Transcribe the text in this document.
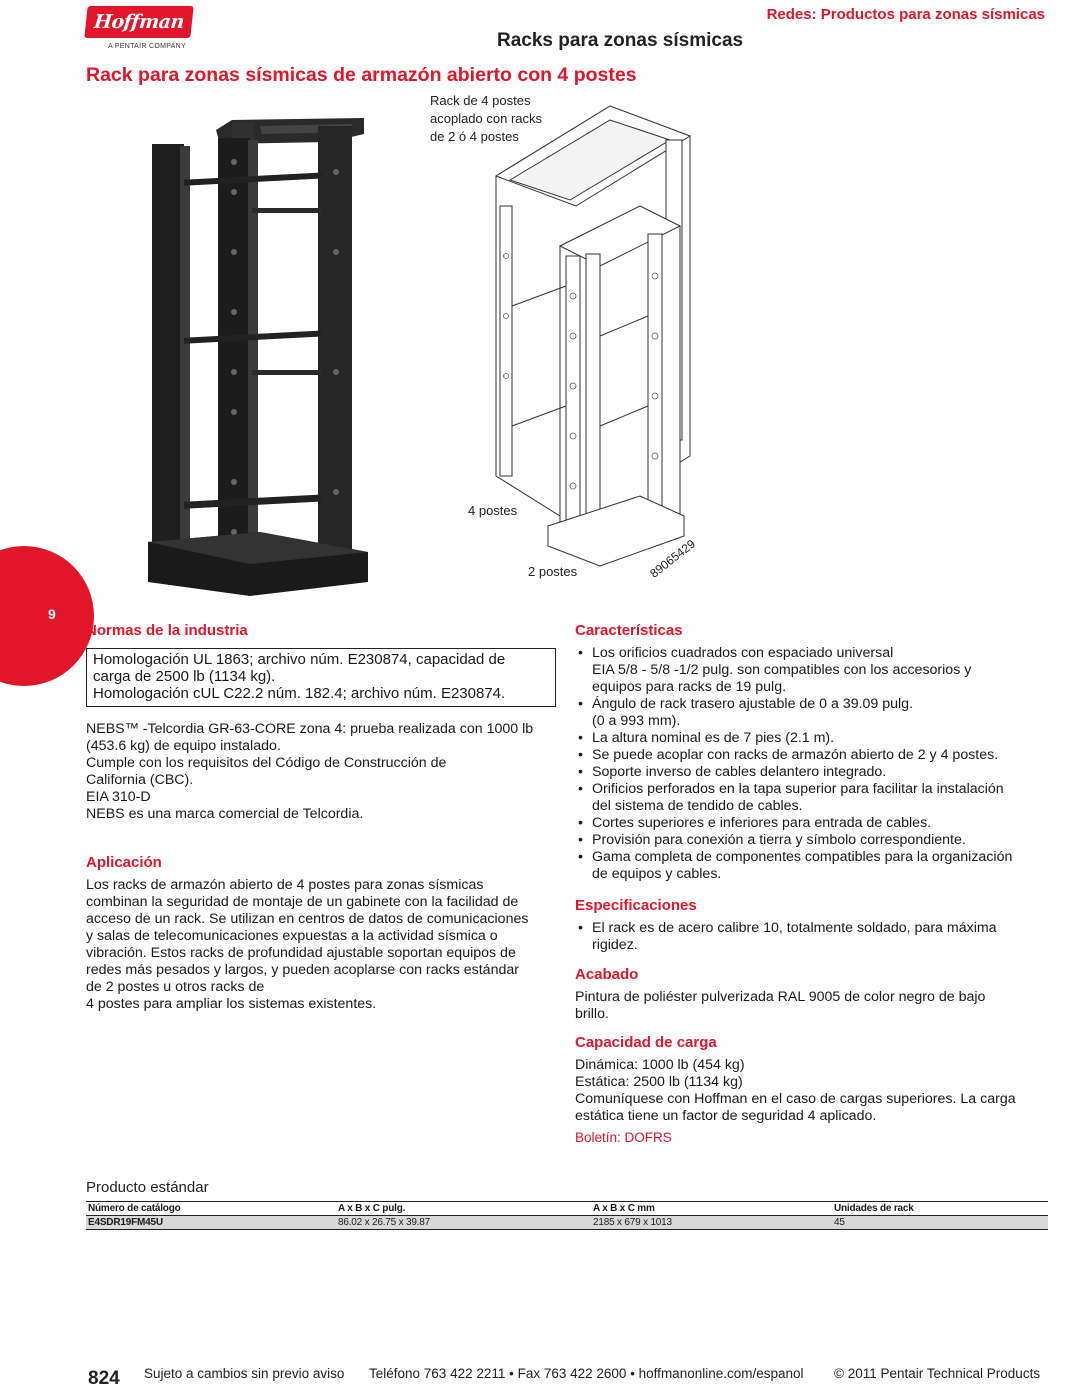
Hoffman
A PENTAIR COMPANY
Redes: Productos para zonas sísmicas
Racks para zonas sísmicas
Rack para zonas sísmicas de armazón abierto con 4 postes
9
Rack de 4 postes
acoplado con racks
de 2 ó 4 postes
4 postes
2 postes	89065429
Normas de la industria
Homologación UL 1863; archivo núm. E230874, capacidad de
carga de 2500 lb (1134 kg).
Homologación cUL C22.2 núm. 182.4; archivo núm. E230874.
NEBS™ -Telcordia GR-63-CORE zona 4: prueba realizada con 1000 lb
(453.6 kg) de equipo instalado.
Cumple con los requisitos del Código de Construcción de
California (CBC).
EIA 310-D
NEBS es una marca comercial de Telcordia.
Aplicación
Los racks de armazón abierto de 4 postes para zonas sísmicas
combinan la seguridad de montaje de un gabinete con la facilidad de
acceso de un rack. Se utilizan en centros de datos de comunicaciones
y salas de telecomunicaciones expuestas a la actividad sísmica o
vibración. Estos racks de profundidad ajustable soportan equipos de
redes más pesados y largos, y pueden acoplarse con racks estándar
de 2 postes u otros racks de
4 postes para ampliar los sistemas existentes.
Características
• Los orificios cuadrados con espaciado universal
EIA 5/8 - 5/8 -1/2 pulg. son compatibles con los accesorios y
equipos para racks de 19 pulg.
• Ángulo de rack trasero ajustable de 0 a 39.09 pulg.
(0 a 993 mm).
• La altura nominal es de 7 pies (2.1 m).
• Se puede acoplar con racks de armazón abierto de 2 y 4 postes.
• Soporte inverso de cables delantero integrado.
• Orificios perforados en la tapa superior para facilitar la instalación
del sistema de tendido de cables.
• Cortes superiores e inferiores para entrada de cables.
• Provisión para conexión a tierra y símbolo correspondiente.
• Gama completa de componentes compatibles para la organización
de equipos y cables.
Especificaciones
• El rack es de acero calibre 10, totalmente soldado, para máxima
rigidez.
Acabado
Pintura de poliéster pulverizada RAL 9005 de color negro de bajo
brillo.
Capacidad de carga
Dinámica: 1000 lb (454 kg)
Estática: 2500 lb (1134 kg)
Comuníquese con Hoffman en el caso de cargas superiores. La carga
estática tiene un factor de seguridad 4 aplicado.
Boletín: DOFRS
Producto estándar
Número de catálogo	A x B x C pulg.	A x B x C mm	Unidades de rack
E4SDR19FM45U	86.02 x 26.75 x 39.87	2185 x 679 x 1013	45
824 Sujeto a cambios sin previo aviso Teléfono 763 422 2211 • Fax 763 422 2600 • hoffmanonline.com/espanol © 2011 Pentair Technical Products
